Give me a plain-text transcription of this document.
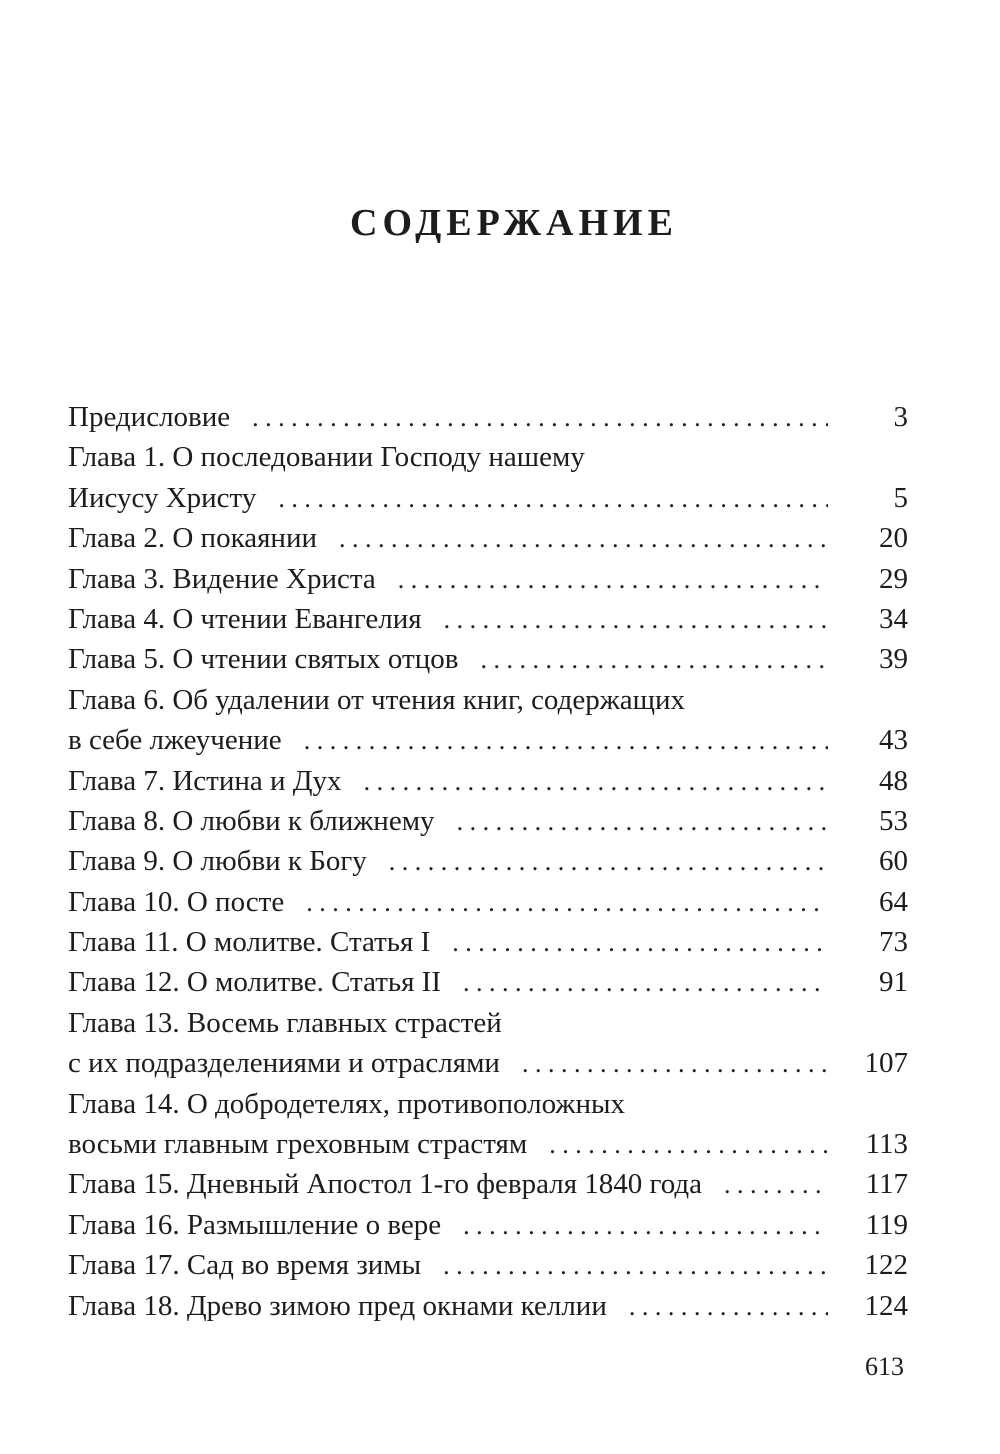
СОДЕРЖАНИЕ
Предисловие . . .	3
Глава 1. О последовании Господу нашему
Иисусу Христу . . .	5
Глава 2. О покаянии . . .	20
Глава 3. Видение Христа . . .	29
Глава 4. О чтении Евангелия . . .	34
Глава 5. О чтении святых отцов . . .	39
Глава 6. Об удалении от чтения книг, содержащих
в себе лжеучение . . .	43
Глава 7. Истина и Дух . . .	48
Глава 8. О любви к ближнему . . .	53
Глава 9. О любви к Богу . . .	60
Глава 10. О посте . . .	64
Глава 11. О молитве. Статья I . . .	73
Глава 12. О молитве. Статья II . . .	91
Глава 13. Восемь главных страстей
с их подразделениями и отраслями . . .	107
Глава 14. О добродетелях, противоположных
восьми главным греховным страстям . . .	113
Глава 15. Дневный Апостол 1-го февраля 1840 года . . .	117
Глава 16. Размышление о вере . . .	119
Глава 17. Сад во время зимы . . .	122
Глава 18. Древо зимою пред окнами келлии . . .	124
613
